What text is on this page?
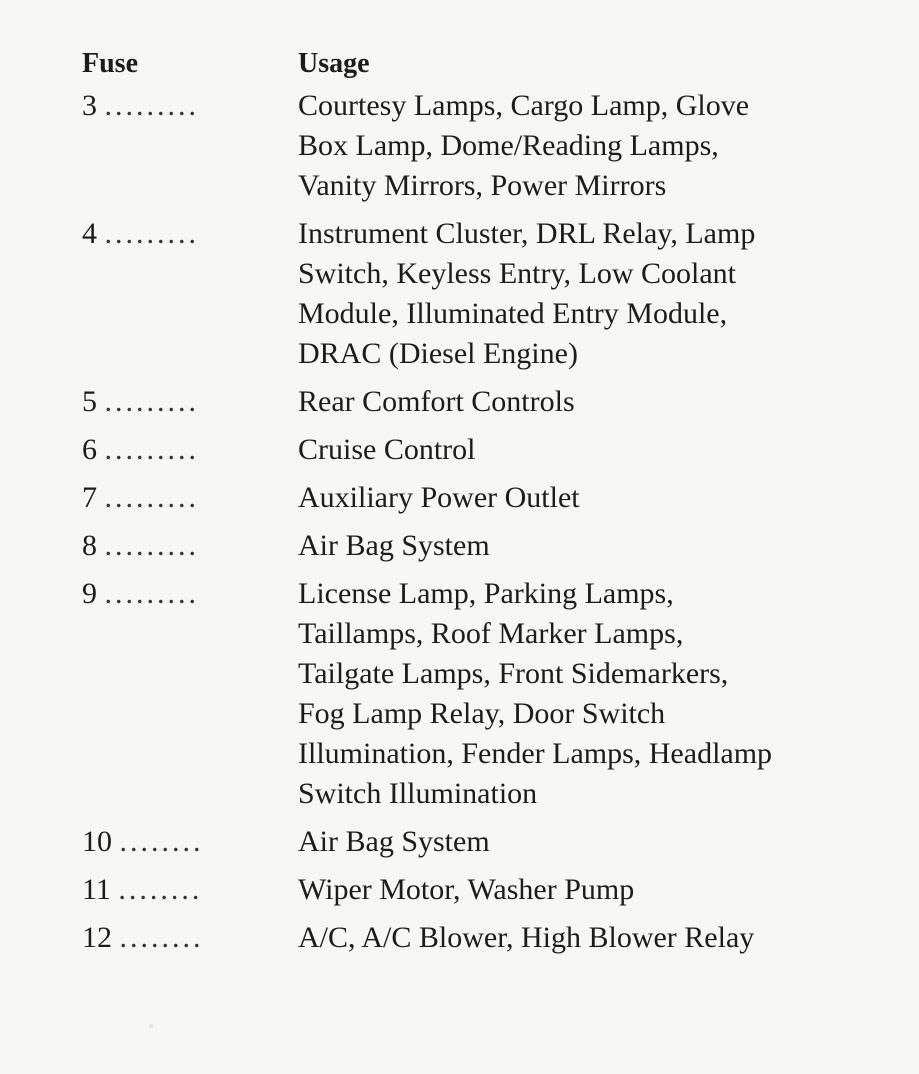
Fuse	Usage
3 .........	Courtesy Lamps, Cargo Lamp, Glove
Box Lamp, Dome/Reading Lamps,
Vanity Mirrors, Power Mirrors
4 .........	Instrument Cluster, DRL Relay, Lamp
Switch, Keyless Entry, Low Coolant
Module, Illuminated Entry Module,
DRAC (Diesel Engine)
5 .........	Rear Comfort Controls
6 .........	Cruise Control
7 .........	Auxiliary Power Outlet
8 .........	Air Bag System
9 .........	License Lamp, Parking Lamps,
Taillamps, Roof Marker Lamps,
Tailgate Lamps, Front Sidemarkers,
Fog Lamp Relay, Door Switch
Illumination, Fender Lamps, Headlamp
Switch Illumination
10 ........	Air Bag System
11 ........	Wiper Motor, Washer Pump
12 ........	A/C, A/C Blower, High Blower Relay
